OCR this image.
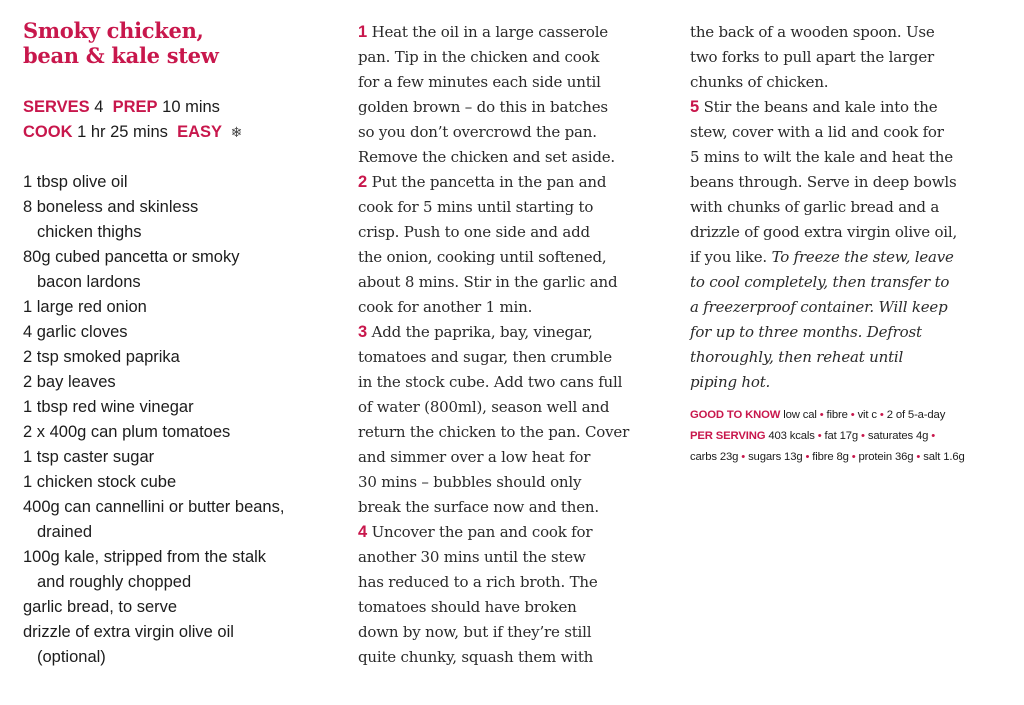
Smoky chicken,
bean & kale stew
SERVES 4 PREP 10 mins
COOK 1 hr 25 mins EASY ❄
1 tbsp olive oil
8 boneless and skinless
chicken thighs
80g cubed pancetta or smoky
bacon lardons
1 large red onion
4 garlic cloves
2 tsp smoked paprika
2 bay leaves
1 tbsp red wine vinegar
2 x 400g can plum tomatoes
1 tsp caster sugar
1 chicken stock cube
400g can cannellini or butter beans,
drained
100g kale, stripped from the stalk
and roughly chopped
garlic bread, to serve
drizzle of extra virgin olive oil
(optional)
1 Heat the oil in a large casserole
pan. Tip in the chicken and cook
for a few minutes each side until
golden brown – do this in batches
so you don’t overcrowd the pan.
Remove the chicken and set aside.
2 Put the pancetta in the pan and
cook for 5 mins until starting to
crisp. Push to one side and add
the onion, cooking until softened,
about 8 mins. Stir in the garlic and
cook for another 1 min.
3 Add the paprika, bay, vinegar,
tomatoes and sugar, then crumble
in the stock cube. Add two cans full
of water (800ml), season well and
return the chicken to the pan. Cover
and simmer over a low heat for
30 mins – bubbles should only
break the surface now and then.
4 Uncover the pan and cook for
another 30 mins until the stew
has reduced to a rich broth. The
tomatoes should have broken
down by now, but if they’re still
quite chunky, squash them with
the back of a wooden spoon. Use
two forks to pull apart the larger
chunks of chicken.
5 Stir the beans and kale into the
stew, cover with a lid and cook for
5 mins to wilt the kale and heat the
beans through. Serve in deep bowls
with chunks of garlic bread and a
drizzle of good extra virgin olive oil,
if you like. To freeze the stew, leave
to cool completely, then transfer to
a freezerproof container. Will keep
for up to three months. Defrost
thoroughly, then reheat until
piping hot.
GOOD TO KNOW low cal • fibre • vit c • 2 of 5-a-day
PER SERVING 403 kcals • fat 17g • saturates 4g •
carbs 23g • sugars 13g • fibre 8g • protein 36g • salt 1.6g
